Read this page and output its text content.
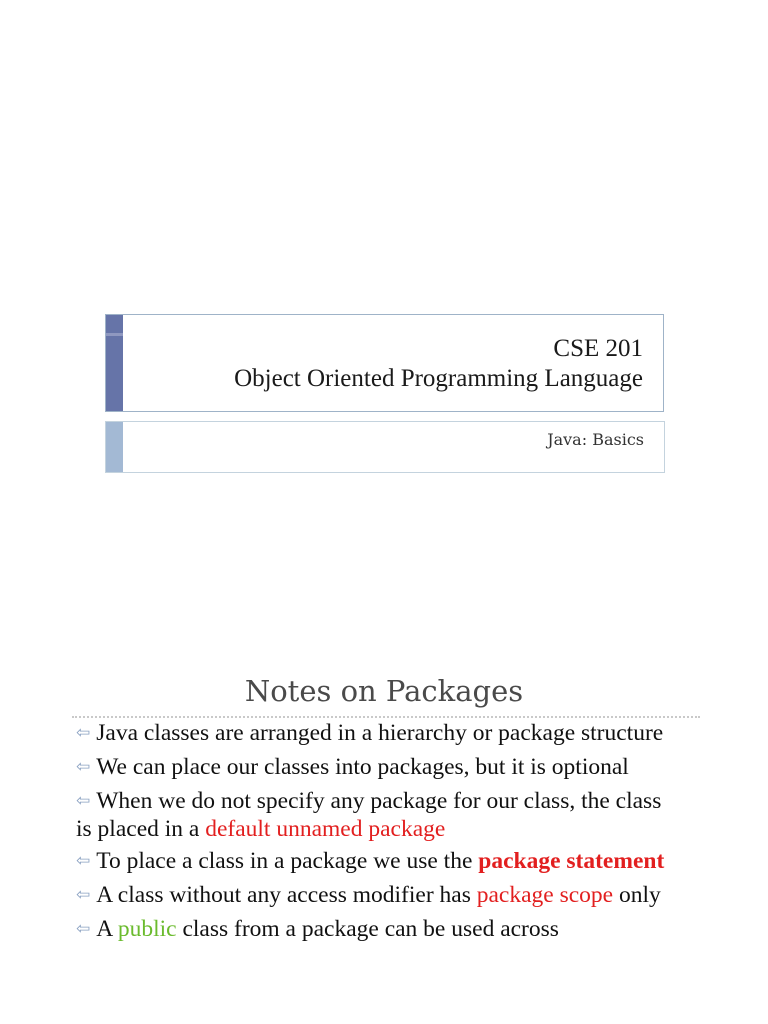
CSE 201
Object Oriented Programming Language
Java: Basics
Notes on Packages
⇦ Java classes are arranged in a hierarchy or package structure
⇦ We can place our classes into packages, but it is optional
⇦ When we do not specify any package for our class, the class is placed in a default unnamed package
⇦ To place a class in a package we use the package statement
⇦ A class without any access modifier has package scope only
⇦ A public class from a package can be used across
